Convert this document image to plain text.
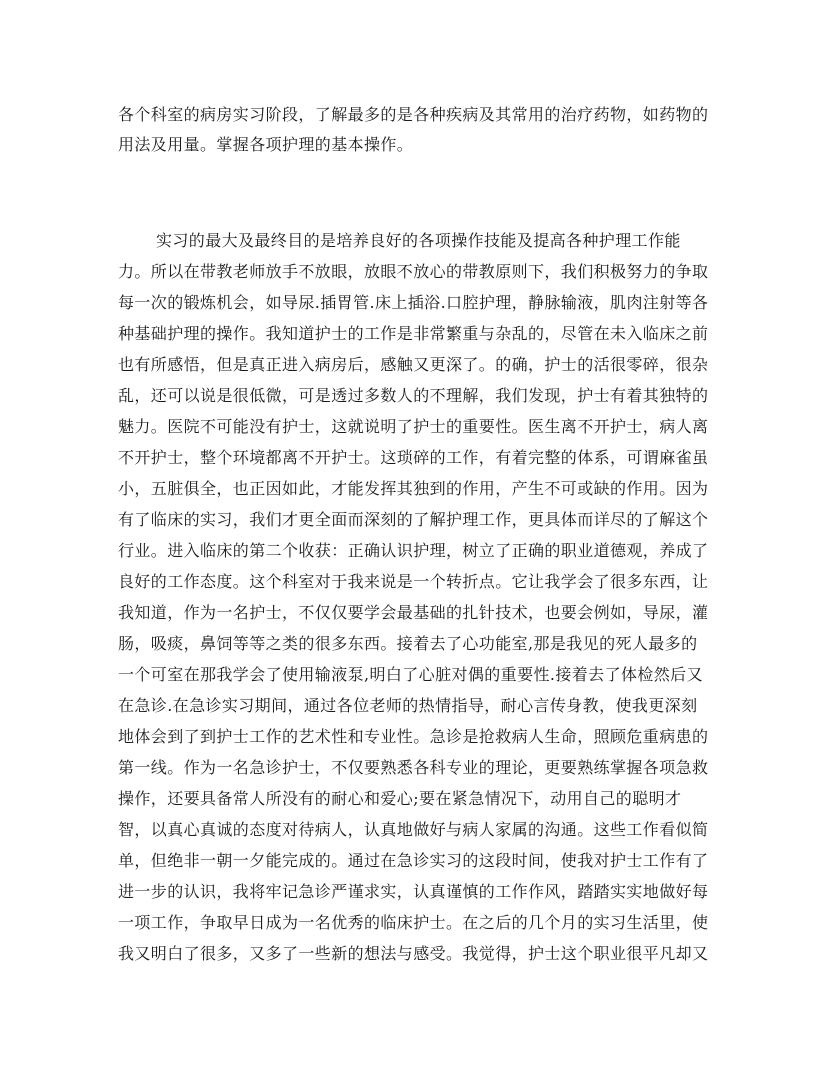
各个科室的病房实习阶段，了解最多的是各种疾病及其常用的治疗药物，如药物的
用法及用量。掌握各项护理的基本操作。
实习的最大及最终目的是培养良好的各项操作技能及提高各种护理工作能
力。所以在带教老师放手不放眼，放眼不放心的带教原则下，我们积极努力的争取
每一次的锻炼机会，如导尿.插胃管.床上插浴.口腔护理，静脉输液，肌肉注射等各
种基础护理的操作。我知道护士的工作是非常繁重与杂乱的，尽管在未入临床之前
也有所感悟，但是真正进入病房后，感触又更深了。的确，护士的活很零碎，很杂
乱，还可以说是很低微，可是透过多数人的不理解，我们发现，护士有着其独特的
魅力。医院不可能没有护士，这就说明了护士的重要性。医生离不开护士，病人离
不开护士，整个环境都离不开护士。这琐碎的工作，有着完整的体系，可谓麻雀虽
小，五脏俱全，也正因如此，才能发挥其独到的作用，产生不可或缺的作用。因为
有了临床的实习，我们才更全面而深刻的了解护理工作，更具体而详尽的了解这个
行业。进入临床的第二个收获：正确认识护理，树立了正确的职业道德观，养成了
良好的工作态度。这个科室对于我来说是一个转折点。它让我学会了很多东西，让
我知道，作为一名护士，不仅仅要学会最基础的扎针技术，也要会例如，导尿，灌
肠，吸痰，鼻饲等等之类的很多东西。接着去了心功能室,那是我见的死人最多的
一个可室在那我学会了使用输液泵,明白了心脏对偶的重要性.接着去了体检然后又
在急诊.在急诊实习期间，通过各位老师的热情指导，耐心言传身教，使我更深刻
地体会到了到护士工作的艺术性和专业性。急诊是抢救病人生命，照顾危重病患的
第一线。作为一名急诊护士，不仅要熟悉各科专业的理论，更要熟练掌握各项急救
操作，还要具备常人所没有的耐心和爱心;要在紧急情况下，动用自己的聪明才
智，以真心真诚的态度对待病人，认真地做好与病人家属的沟通。这些工作看似简
单，但绝非一朝一夕能完成的。通过在急诊实习的这段时间，使我对护士工作有了
进一步的认识，我将牢记急诊严谨求实，认真谨慎的工作作风，踏踏实实地做好每
一项工作，争取早日成为一名优秀的临床护士。在之后的几个月的实习生活里，使
我又明白了很多，又多了一些新的想法与感受。我觉得，护士这个职业很平凡却又
